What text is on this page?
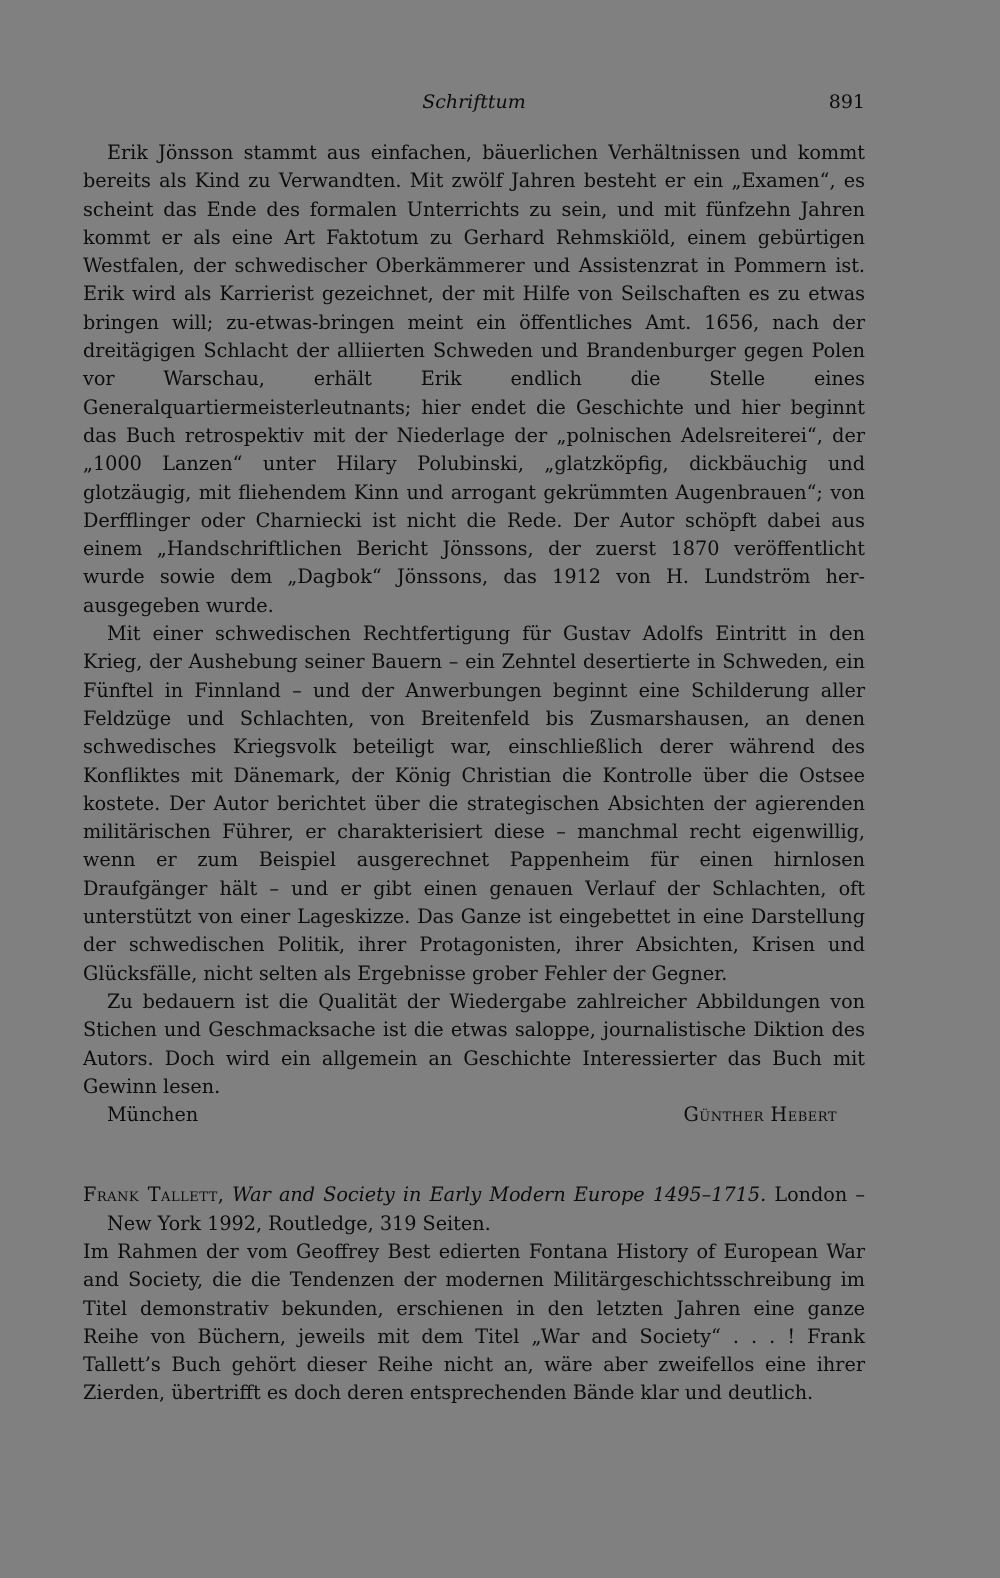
Schrifttum	891

Erik Jönsson stammt aus einfachen, bäuerlichen Verhältnissen und kommt bereits als Kind zu Verwandten. Mit zwölf Jahren besteht er ein „Examen“, es scheint das Ende des formalen Unterrichts zu sein, und mit fünfzehn Jahren kommt er als eine Art Faktotum zu Gerhard Rehmskiöld, einem gebürtigen Westfalen, der schwedischer Oberkämmerer und Assistenzrat in Pommern ist. Erik wird als Karrierist gezeichnet, der mit Hilfe von Seilschaften es zu etwas bringen will; zu-etwas-bringen meint ein öffentliches Amt. 1656, nach der dreitägigen Schlacht der alliierten Schweden und Brandenburger gegen Polen vor Warschau, erhält Erik endlich die Stelle eines Generalquartiermeisterleutnants; hier endet die Geschichte und hier beginnt das Buch retrospektiv mit der Niederlage der „polnischen Adelsreiterei“, der „1000 Lanzen“ unter Hilary Polubinski, „glatzköpfig, dickbäuchig und glotzäugig, mit fliehendem Kinn und arrogant gekrümmten Augenbrauen“; von Derfflinger oder Charniecki ist nicht die Rede. Der Autor schöpft dabei aus einem „Handschriftlichen Bericht Jönssons, der zuerst 1870 veröffentlicht wurde sowie dem „Dagbok“ Jönssons, das 1912 von H. Lundström herausgegeben wurde.

Mit einer schwedischen Rechtfertigung für Gustav Adolfs Eintritt in den Krieg, der Aushebung seiner Bauern – ein Zehntel desertierte in Schweden, ein Fünftel in Finnland – und der Anwerbungen beginnt eine Schilderung aller Feldzüge und Schlachten, von Breitenfeld bis Zusmarshausen, an denen schwedisches Kriegsvolk beteiligt war, einschließlich derer während des Konfliktes mit Dänemark, der König Christian die Kontrolle über die Ostsee kostete. Der Autor berichtet über die strategischen Absichten der agierenden militärischen Führer, er charakterisiert diese – manchmal recht eigenwillig, wenn er zum Beispiel ausgerechnet Pappenheim für einen hirnlosen Draufgänger hält – und er gibt einen genauen Verlauf der Schlachten, oft unterstützt von einer Lageskizze. Das Ganze ist eingebettet in eine Darstellung der schwedischen Politik, ihrer Protagonisten, ihrer Absichten, Krisen und Glücksfälle, nicht selten als Ergebnisse grober Fehler der Gegner.

Zu bedauern ist die Qualität der Wiedergabe zahlreicher Abbildungen von Stichen und Geschmacksache ist die etwas saloppe, journalistische Diktion des Autors. Doch wird ein allgemein an Geschichte Interessierter das Buch mit Gewinn lesen.

München	Günther Hebert
Frank Tallett, War and Society in Early Modern Europe 1495–1715. London – New York 1992, Routledge, 319 Seiten.

Im Rahmen der vom Geoffrey Best edierten Fontana History of European War and Society, die die Tendenzen der modernen Militärgeschichtsschreibung im Titel demonstrativ bekunden, erschienen in den letzten Jahren eine ganze Reihe von Büchern, jeweils mit dem Titel „War and Society“ . . . ! Frank Tallett’s Buch gehört dieser Reihe nicht an, wäre aber zweifellos eine ihrer Zierden, übertrifft es doch deren entsprechenden Bände klar und deutlich.
